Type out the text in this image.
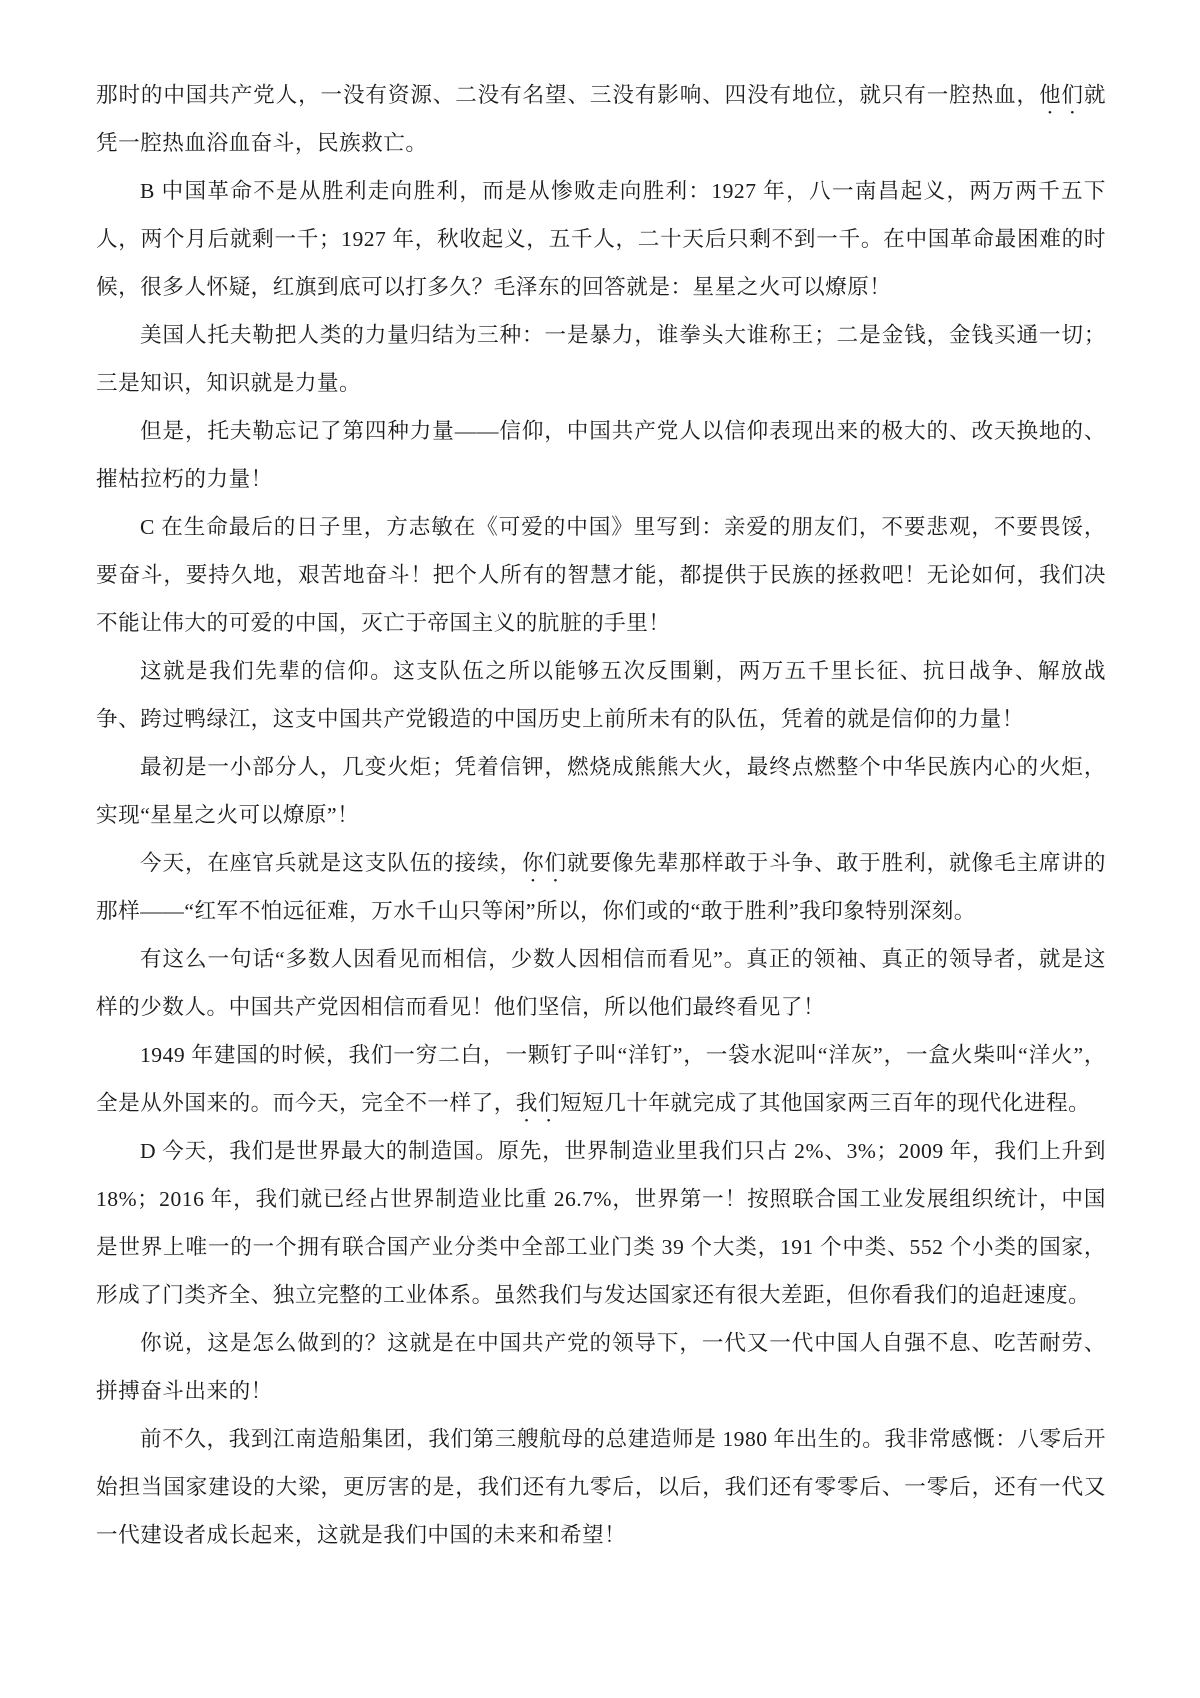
那时的中国共产党人，一没有资源、二没有名望、三没有影响、四没有地位，就只有一腔热血，他们就凭一腔热血浴血奋斗，民族救亡。

B 中国革命不是从胜利走向胜利，而是从惨败走向胜利：1927 年，八一南昌起义，两万两千五下人，两个月后就剩一千；1927 年，秋收起义，五千人，二十天后只剩不到一千。在中国革命最困难的时候，很多人怀疑，红旗到底可以打多久？毛泽东的回答就是：星星之火可以燎原！

美国人托夫勒把人类的力量归结为三种：一是暴力，谁拳头大谁称王；二是金钱，金钱买通一切；三是知识，知识就是力量。

但是，托夫勒忘记了第四种力量——信仰，中国共产党人以信仰表现出来的极大的、改天换地的、摧枯拉朽的力量！

C 在生命最后的日子里，方志敏在《可爱的中国》里写到：亲爱的朋友们，不要悲观，不要畏馁，要奋斗，要持久地，艰苦地奋斗！把个人所有的智慧才能，都提供于民族的拯救吧！无论如何，我们决不能让伟大的可爱的中国，灭亡于帝国主义的肮脏的手里！

这就是我们先辈的信仰。这支队伍之所以能够五次反围剿，两万五千里长征、抗日战争、解放战争、跨过鸭绿江，这支中国共产党锻造的中国历史上前所未有的队伍，凭着的就是信仰的力量！

最初是一小部分人，几变火炬；凭着信钾，燃烧成熊熊大火，最终点燃整个中华民族内心的火炬，实现“星星之火可以燎原”！

今天，在座官兵就是这支队伍的接续，你们就要像先辈那样敢于斗争、敢于胜利，就像毛主席讲的那样——“红军不怕远征难，万水千山只等闲”所以，你们或的“敢于胜利”我印象特别深刻。

有这么一句话“多数人因看见而相信，少数人因相信而看见”。真正的领袖、真正的领导者，就是这样的少数人。中国共产党因相信而看见！他们坚信，所以他们最终看见了！

1949 年建国的时候，我们一穷二白，一颗钉子叫“洋钉”，一袋水泥叫“洋灰”，一盒火柴叫“洋火”，全是从外国来的。而今天，完全不一样了，我们短短几十年就完成了其他国家两三百年的现代化进程。

D 今天，我们是世界最大的制造国。原先，世界制造业里我们只占 2%、3%；2009 年，我们上升到 18%；2016 年，我们就已经占世界制造业比重 26.7%，世界第一！按照联合国工业发展组织统计，中国是世界上唯一的一个拥有联合国产业分类中全部工业门类 39 个大类，191 个中类、552 个小类的国家，形成了门类齐全、独立完整的工业体系。虽然我们与发达国家还有很大差距，但你看我们的追赶速度。

你说，这是怎么做到的？这就是在中国共产党的领导下，一代又一代中国人自强不息、吃苦耐劳、拼搏奋斗出来的！

前不久，我到江南造船集团，我们第三艘航母的总建造师是 1980 年出生的。我非常感慨：八零后开始担当国家建设的大梁，更厉害的是，我们还有九零后，以后，我们还有零零后、一零后，还有一代又一代建设者成长起来，这就是我们中国的未来和希望！
